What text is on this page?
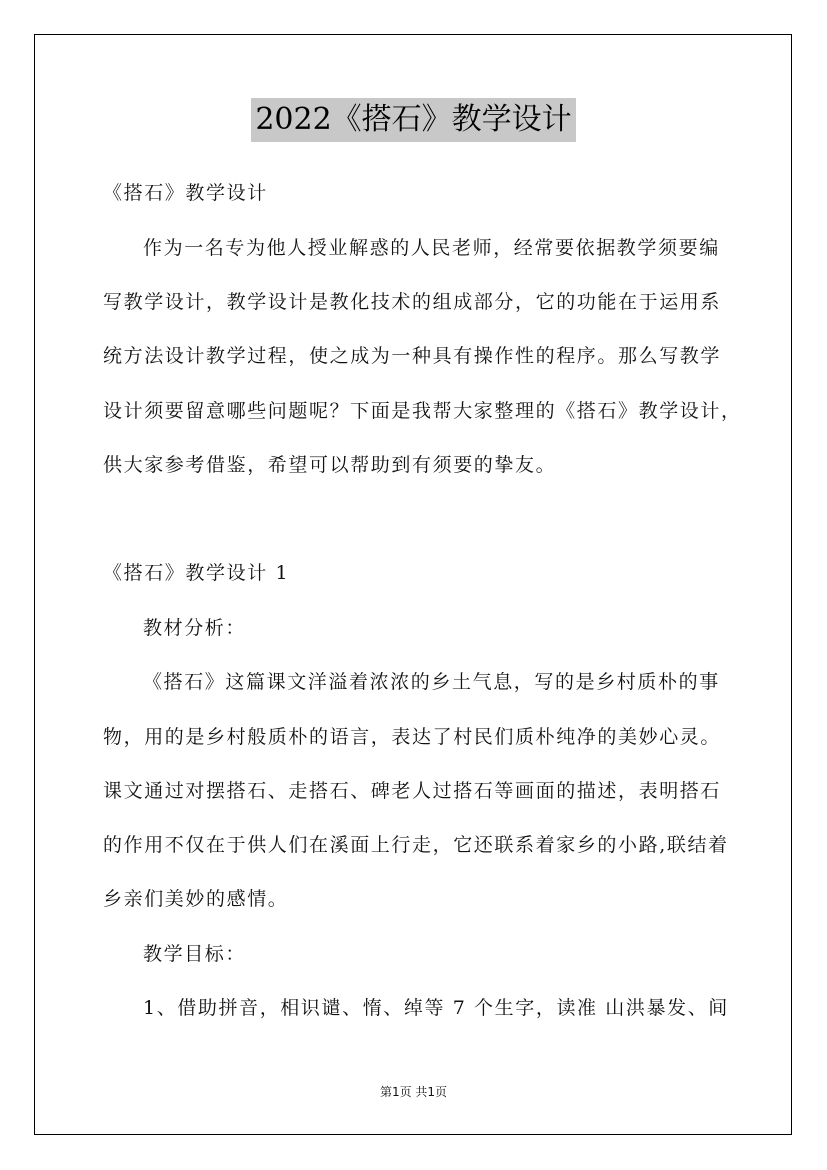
2022《搭石》教学设计
《搭石》教学设计
作为一名专为他人授业解惑的人民老师，经常要依据教学须要编
写教学设计，教学设计是教化技术的组成部分，它的功能在于运用系
统方法设计教学过程，使之成为一种具有操作性的程序。那么写教学
设计须要留意哪些问题呢？下面是我帮大家整理的《搭石》教学设计，
供大家参考借鉴，希望可以帮助到有须要的挚友。
《搭石》教学设计 1
教材分析：
《搭石》这篇课文洋溢着浓浓的乡土气息，写的是乡村质朴的事
物，用的是乡村般质朴的语言，表达了村民们质朴纯净的美妙心灵。
课文通过对摆搭石、走搭石、碑老人过搭石等画面的描述，表明搭石
的作用不仅在于供人们在溪面上行走，它还联系着家乡的小路,联结着
乡亲们美妙的感情。
教学目标：
1、借助拼音，相识谴、惰、绰等 7 个生字，读准 山洪暴发、间
第1页 共1页
